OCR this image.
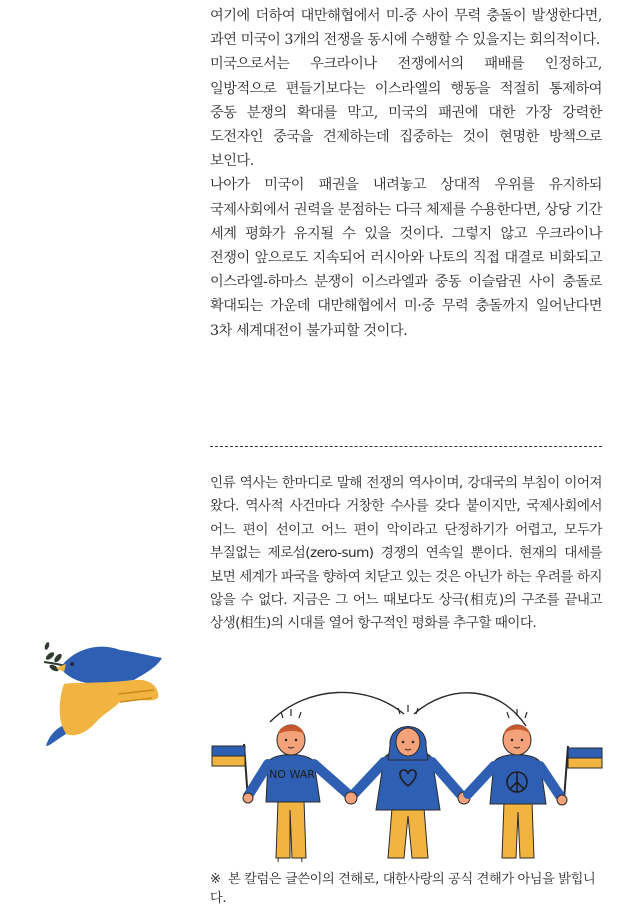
여기에 더하여 대만해협에서 미-중 사이 무력 충돌이 발생한다면, 과연 미국이 3개의 전쟁을 동시에 수행할 수 있을지는 회의적이다.

미국으로서는 우크라이나 전쟁에서의 패배를 인정하고, 일방적으로 편들기보다는 이스라엘의 행동을 적절히 통제하여 중동 분쟁의 확대를 막고, 미국의 패권에 대한 가장 강력한 도전자인 중국을 견제하는데 집중하는 것이 현명한 방책으로 보인다.

나아가 미국이 패권을 내려놓고 상대적 우위를 유지하되 국제사회에서 권력을 분점하는 다극 체제를 수용한다면, 상당 기간 세계 평화가 유지될 수 있을 것이다. 그렇지 않고 우크라이나 전쟁이 앞으로도 지속되어 러시아와 나토의 직접 대결로 비화되고 이스라엘-하마스 분쟁이 이스라엘과 중동 이슬람권 사이 충돌로 확대되는 가운데 대만해협에서 미·중 무력 충돌까지 일어난다면 3차 세계대전이 불가피할 것이다.

인류 역사는 한마디로 말해 전쟁의 역사이며, 강대국의 부침이 이어져 왔다. 역사적 사건마다 거창한 수사를 갖다 붙이지만, 국제사회에서 어느 편이 선이고 어느 편이 악이라고 단정하기가 어렵고, 모두가 부질없는 제로섬(zero-sum) 경쟁의 연속일 뿐이다. 현재의 대세를 보면 세계가 파국을 향하여 치닫고 있는 것은 아닌가 하는 우려를 하지 않을 수 없다. 지금은 그 어느 때보다도 상극(相克)의 구조를 끝내고 상생(相生)의 시대를 열어 항구적인 평화를 추구할 때이다.

NO WAR
※ 본 칼럼은 글쓴이의 견해로, 대한사랑의 공식 견해가 아님을 밝힙니다.
